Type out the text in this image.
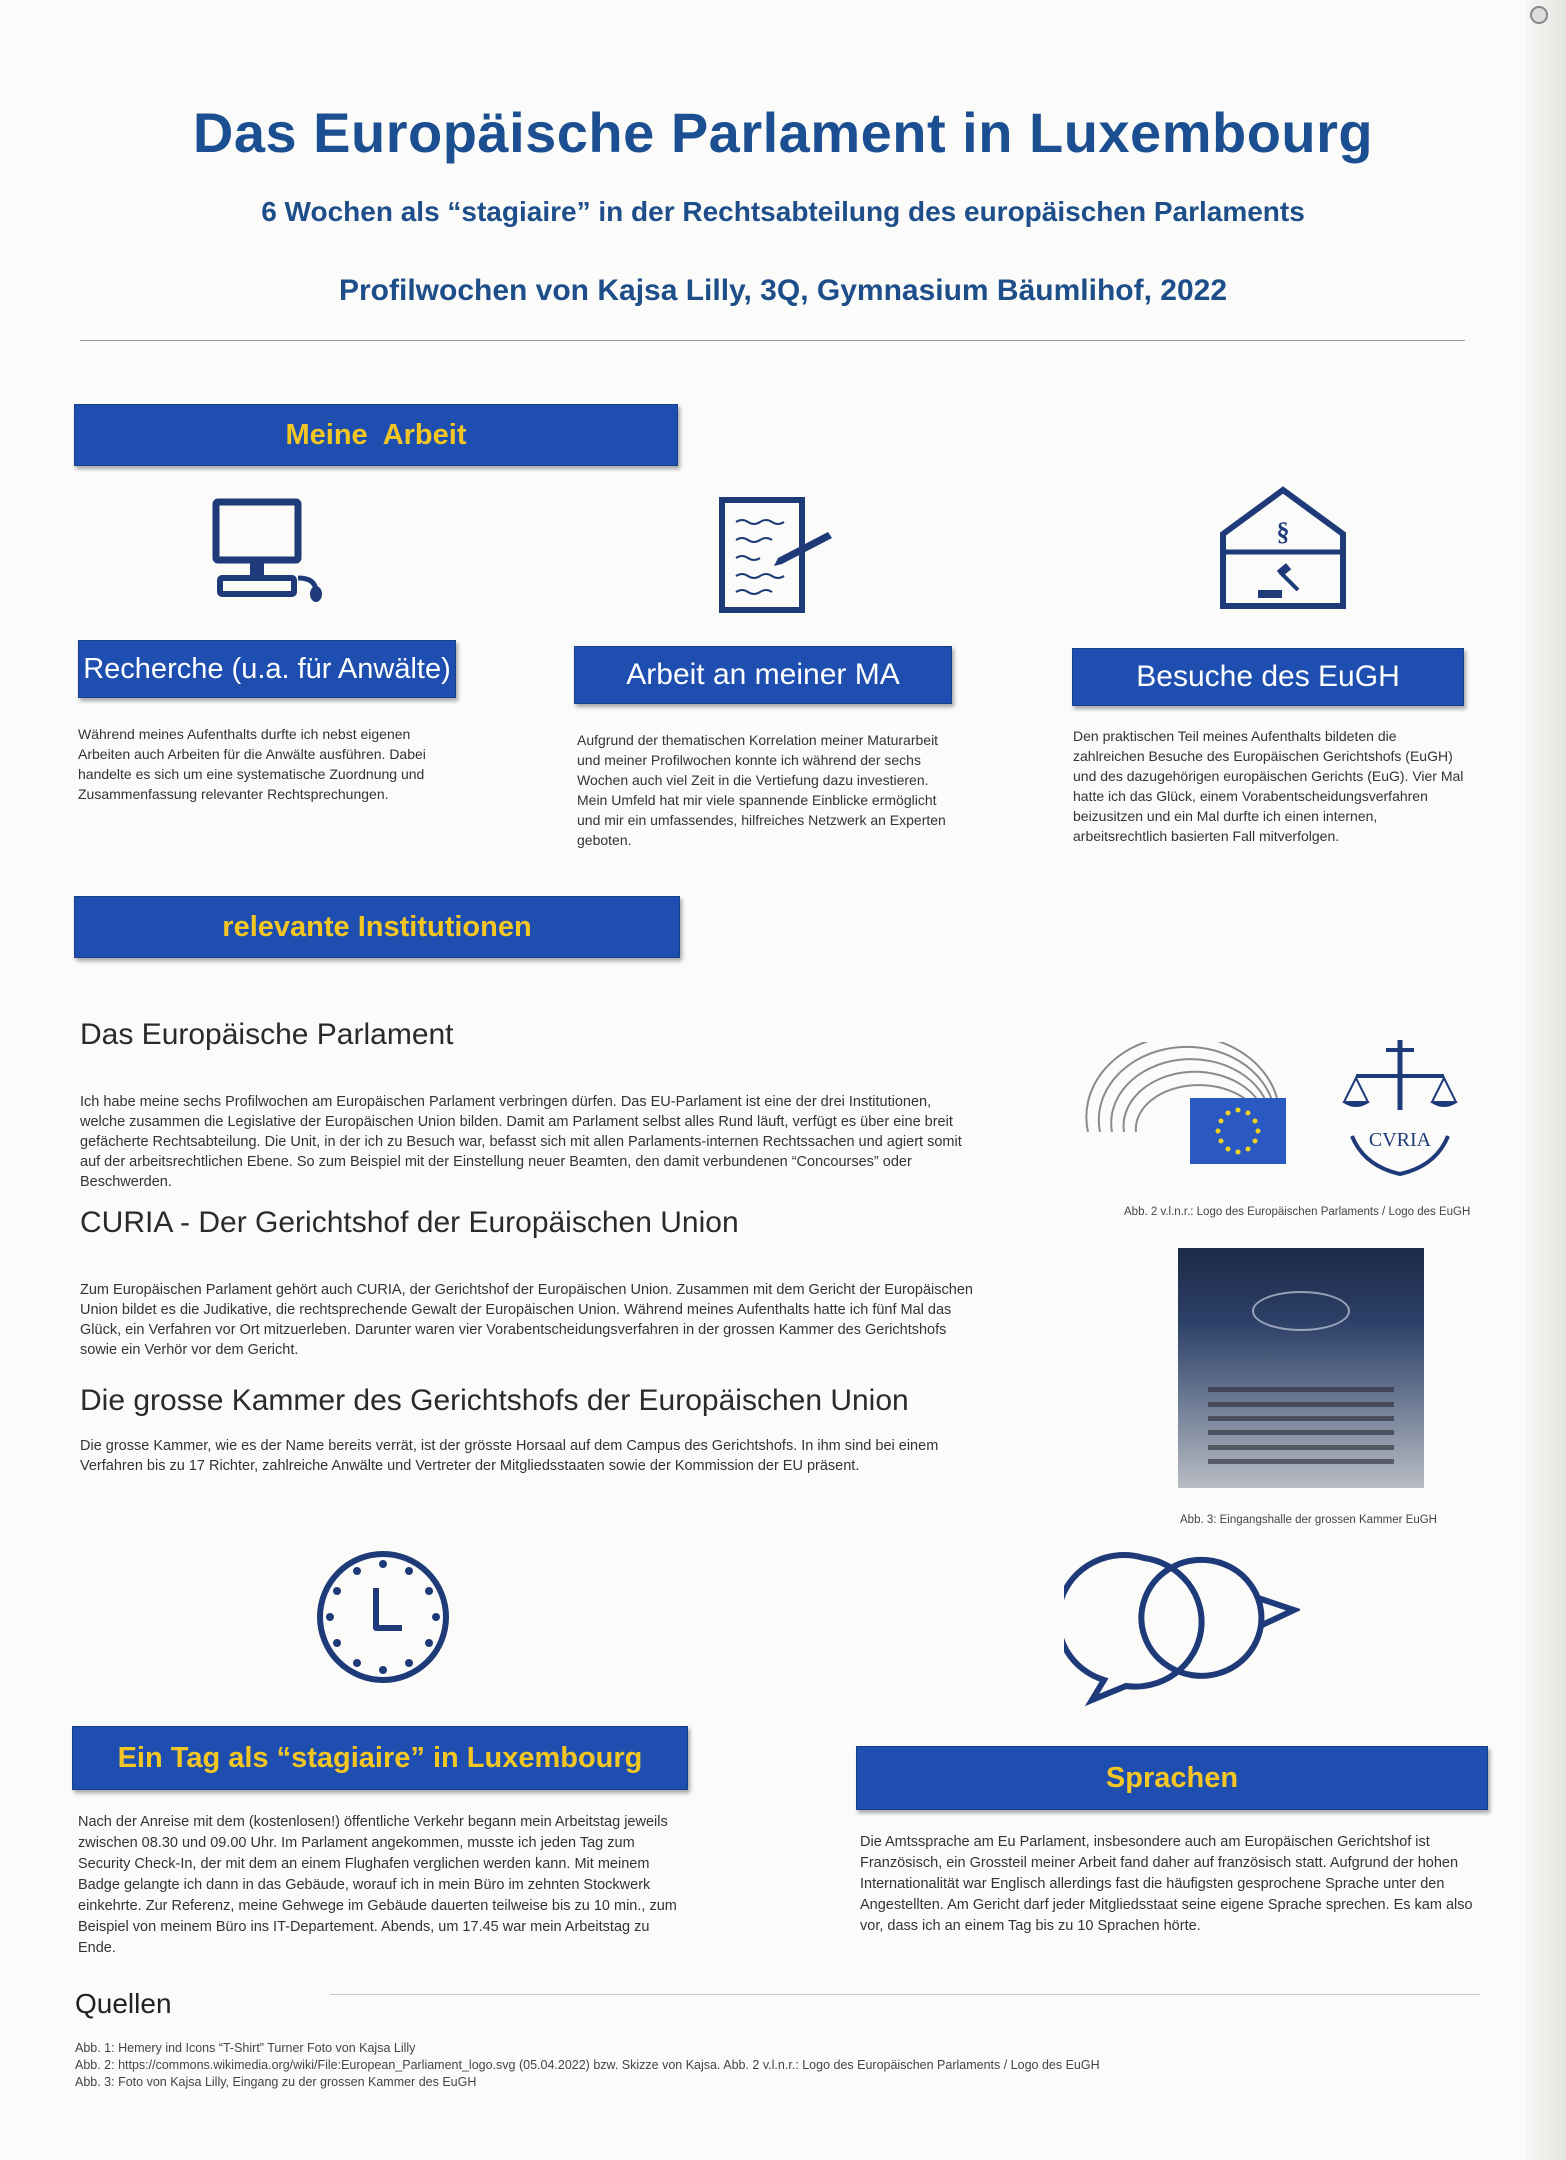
Das Europäische Parlament in Luxembourg
6 Wochen als “stagiaire” in der Rechtsabteilung des europäischen Parlaments
Profilwochen von Kajsa Lilly, 3Q, Gymnasium Bäumlihof, 2022
Meine  Arbeit
§
Recherche (u.a. für Anwälte)	Arbeit an meiner MA	Besuche des EuGH
Während meines Aufenthalts durfte ich nebst eigenen Arbeiten auch Arbeiten für die Anwälte ausführen. Dabei handelte es sich um eine systematische Zuordnung und Zusammenfassung relevanter Rechtsprechungen.
Aufgrund der thematischen Korrelation meiner Maturarbeit und meiner Profilwochen konnte ich während der sechs Wochen auch viel Zeit in die Vertiefung dazu investieren. Mein Umfeld hat mir viele spannende Einblicke ermöglicht und mir ein umfassendes, hilfreiches Netzwerk an Experten geboten.
Den praktischen Teil meines Aufenthalts bildeten die zahlreichen Besuche des Europäischen Gerichtshofs (EuGH) und des dazugehörigen europäischen Gerichts (EuG). Vier Mal hatte ich das Glück, einem Vorabentscheidungsverfahren beizusitzen und ein Mal durfte ich einen internen, arbeitsrechtlich basierten Fall mitverfolgen.
relevante Institutionen
Das Europäische Parlament
Ich habe meine sechs Profilwochen am Europäischen Parlament verbringen dürfen. Das EU-Parlament ist eine der drei Institutionen, welche zusammen die Legislative der Europäischen Union bilden. Damit am Parlament selbst alles Rund läuft, verfügt es über eine breit gefächerte Rechtsabteilung. Die Unit, in der ich zu Besuch war, befasst sich mit allen Parlaments-internen Rechtssachen und agiert somit auf der arbeitsrechtlichen Ebene. So zum Beispiel mit der Einstellung neuer Beamten, den damit verbundenen “Concourses” oder Beschwerden.
CURIA - Der Gerichtshof der Europäischen Union
Zum Europäischen Parlament gehört auch CURIA, der Gerichtshof der Europäischen Union. Zusammen mit dem Gericht der Europäischen Union bildet es die Judikative, die rechtsprechende Gewalt der Europäischen Union. Während meines Aufenthalts hatte ich fünf Mal das Glück, ein Verfahren vor Ort mitzuerleben. Darunter waren vier Vorabentscheidungsverfahren in der grossen Kammer des Gerichtshofs sowie ein Verhör vor dem Gericht.
Die grosse Kammer des Gerichtshofs der Europäischen Union
Die grosse Kammer, wie es der Name bereits verrät, ist der grösste Horsaal auf dem Campus des Gerichtshofs. In ihm sind bei einem Verfahren bis zu 17 Richter, zahlreiche Anwälte und Vertreter der Mitgliedsstaaten sowie der Kommission der EU präsent.
CVRIA
Abb. 2 v.l.n.r.: Logo des Europäischen Parlaments / Logo des EuGH
Abb. 3: Eingangshalle der grossen Kammer EuGH
Ein Tag als “stagiaire” in Luxembourg
Nach der Anreise mit dem (kostenlosen!) öffentliche Verkehr begann mein Arbeitstag jeweils zwischen 08.30 und 09.00 Uhr. Im Parlament angekommen, musste ich jeden Tag zum Security Check-In, der mit dem an einem Flughafen verglichen werden kann. Mit meinem Badge gelangte ich dann in das Gebäude, worauf ich in mein Büro im zehnten Stockwerk einkehrte. Zur Referenz, meine Gehwege im Gebäude dauerten teilweise bis zu 10 min., zum Beispiel von meinem Büro ins IT-Departement. Abends, um 17.45 war mein Arbeitstag zu Ende.
Sprachen
Die Amtssprache am Eu Parlament, insbesondere auch am Europäischen Gerichtshof ist Französisch, ein Grossteil meiner Arbeit fand daher auf französisch statt. Aufgrund der hohen Internationalität war Englisch allerdings fast die häufigsten gesprochene Sprache unter den Angestellten. Am Gericht darf jeder Mitgliedsstaat seine eigene Sprache sprechen. Es kam also vor, dass ich an einem Tag bis zu 10 Sprachen hörte.
Quellen
Abb. 1: Hemery ind Icons “T-Shirt” Turner Foto von Kajsa Lilly
Abb. 2: https://commons.wikimedia.org/wiki/File:European_Parliament_logo.svg (05.04.2022) bzw. Skizze von Kajsa. Abb. 2 v.l.n.r.: Logo des Europäischen Parlaments / Logo des EuGH
Abb. 3: Foto von Kajsa Lilly, Eingang zu der grossen Kammer des EuGH
